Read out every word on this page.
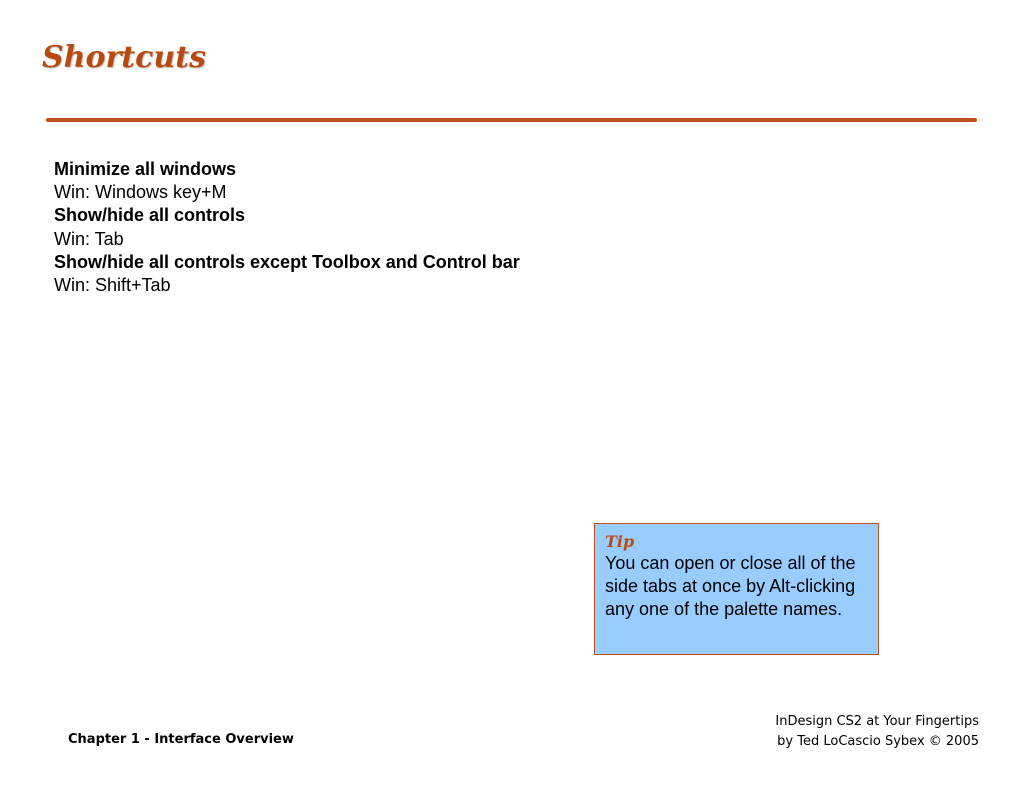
Shortcuts
Minimize all windows
Win: Windows key+M
Show/hide all controls
Win: Tab
Show/hide all controls except Toolbox and Control bar
Win: Shift+Tab
Tip
You can open or close all of the side tabs at once by Alt-clicking any one of the palette names.
Chapter 1 - Interface Overview
InDesign CS2 at Your Fingertips
by Ted LoCascio Sybex © 2005
